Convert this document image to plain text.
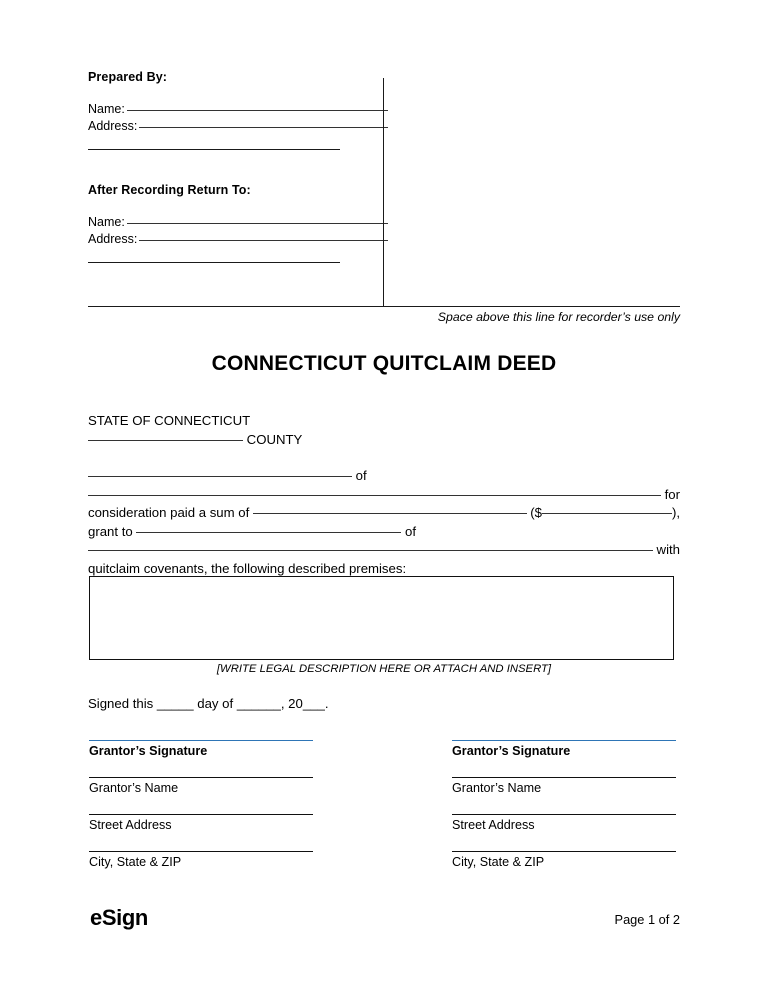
Prepared By:
Name:
Address:
After Recording Return To:
Name:
Address:
Space above this line for recorder’s use only
CONNECTICUT QUITCLAIM DEED
STATE OF CONNECTICUT
COUNTY
of
for
consideration paid a sum of	($	),
grant to	of
with
quitclaim covenants, the following described premises:
[WRITE LEGAL DESCRIPTION HERE OR ATTACH AND INSERT]
Signed this _____ day of ______, 20___.
Grantor’s Signature
Grantor’s Name
Street Address
City, State & ZIP
Grantor’s Signature
Grantor’s Name
Street Address
City, State & ZIP
eSign	Page 1 of 2
